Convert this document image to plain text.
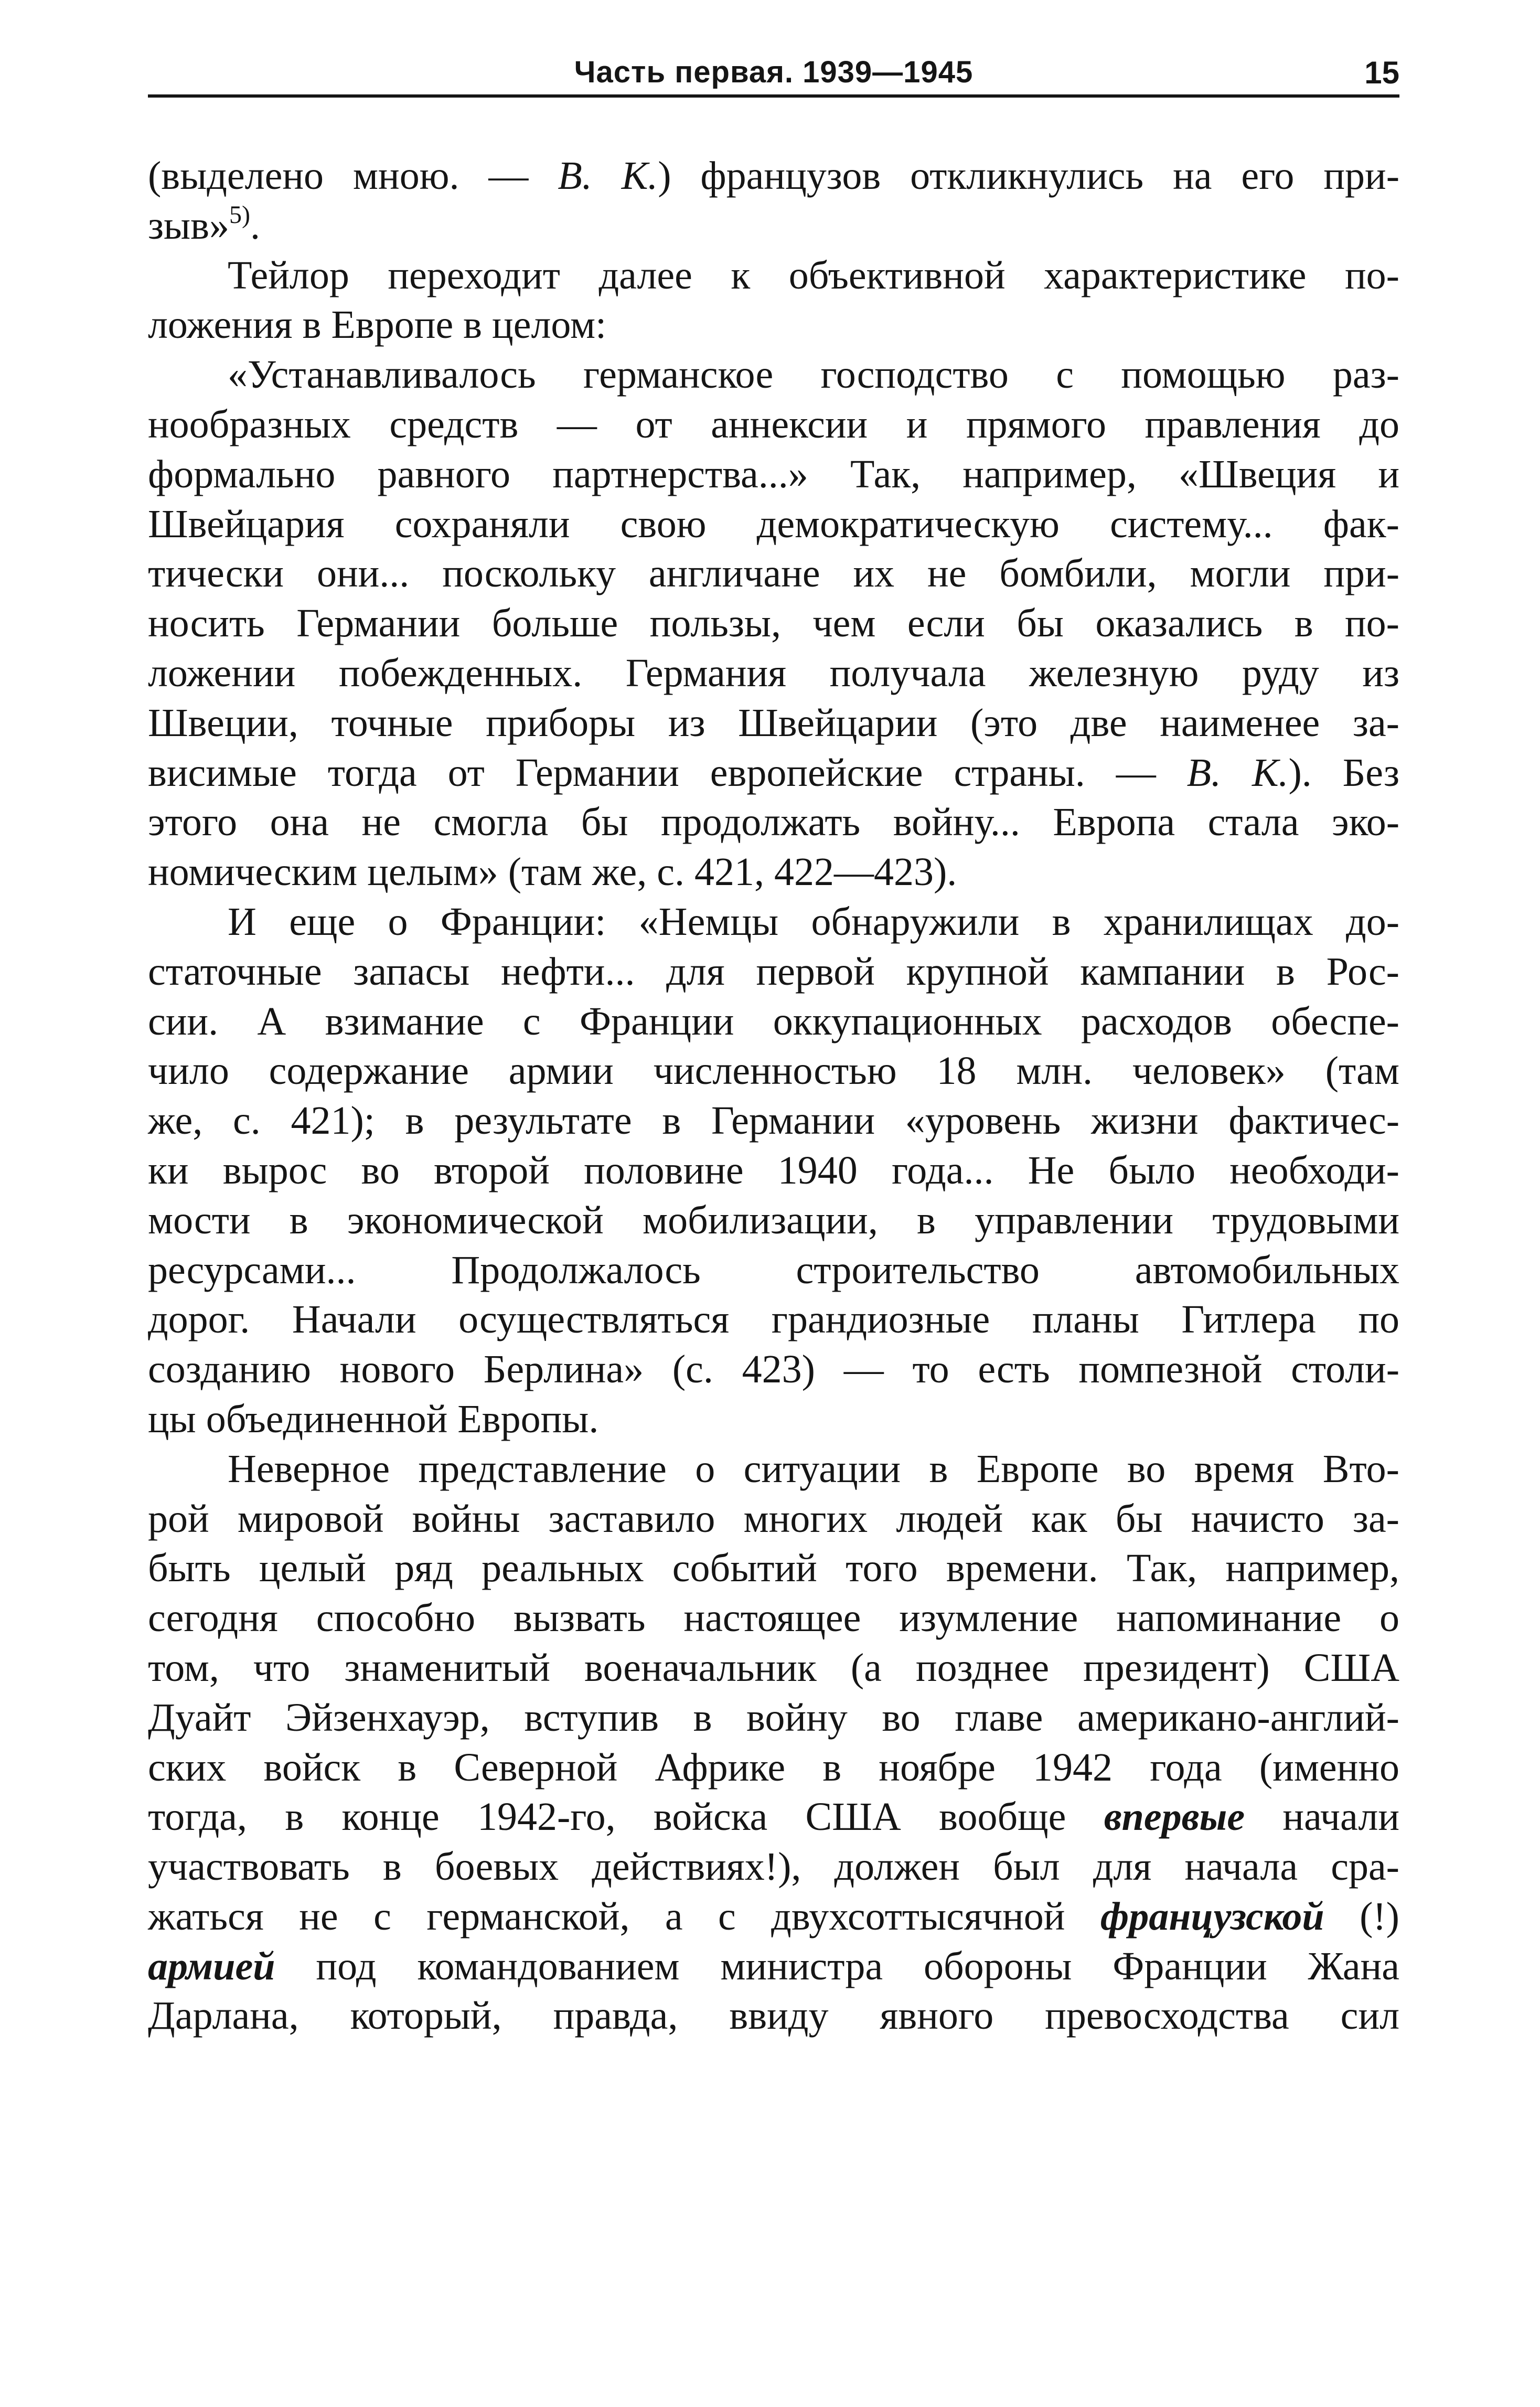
Часть первая. 1939—1945	15
(выделено мною. — В. К.) французов откликнулись на его при-
зыв»$^{5)}$.
Тейлор переходит далее к объективной характеристике по-
ложения в Европе в целом:
«Устанавливалось германское господство с помощью раз-
нообразных средств — от аннексии и прямого правления до
формально равного партнерства...» Так, например, «Швеция и
Швейцария сохраняли свою демократическую систему... фак-
тически они... поскольку англичане их не бомбили, могли при-
носить Германии больше пользы, чем если бы оказались в по-
ложении побежденных. Германия получала железную руду из
Швеции, точные приборы из Швейцарии (это две наименее за-
висимые тогда от Германии европейские страны. — В. К.). Без
этого она не смогла бы продолжать войну... Европа стала эко-
номическим целым» (там же, с. 421, 422—423).
И еще о Франции: «Немцы обнаружили в хранилищах до-
статочные запасы нефти... для первой крупной кампании в Рос-
сии. А взимание с Франции оккупационных расходов обеспе-
чило содержание армии численностью 18 млн. человек» (там
же, с. 421); в результате в Германии «уровень жизни фактичес-
ки вырос во второй половине 1940 года... Не было необходи-
мости в экономической мобилизации, в управлении трудовыми
ресурсами... Продолжалось строительство автомобильных
дорог. Начали осуществляться грандиозные планы Гитлера по
созданию нового Берлина» (с. 423) — то есть помпезной столи-
цы объединенной Европы.
Неверное представление о ситуации в Европе во время Вто-
рой мировой войны заставило многих людей как бы начисто за-
быть целый ряд реальных событий того времени. Так, например,
сегодня способно вызвать настоящее изумление напоминание о
том, что знаменитый военачальник (а позднее президент) США
Дуайт Эйзенхауэр, вступив в войну во главе американо-англий-
ских войск в Северной Африке в ноябре 1942 года (именно
тогда, в конце 1942-го, войска США вообще впервые начали
участвовать в боевых действиях!), должен был для начала сра-
жаться не с германской, а с двухсоттысячной французской (!)
армией под командованием министра обороны Франции Жана
Дарлана, который, правда, ввиду явного превосходства сил
